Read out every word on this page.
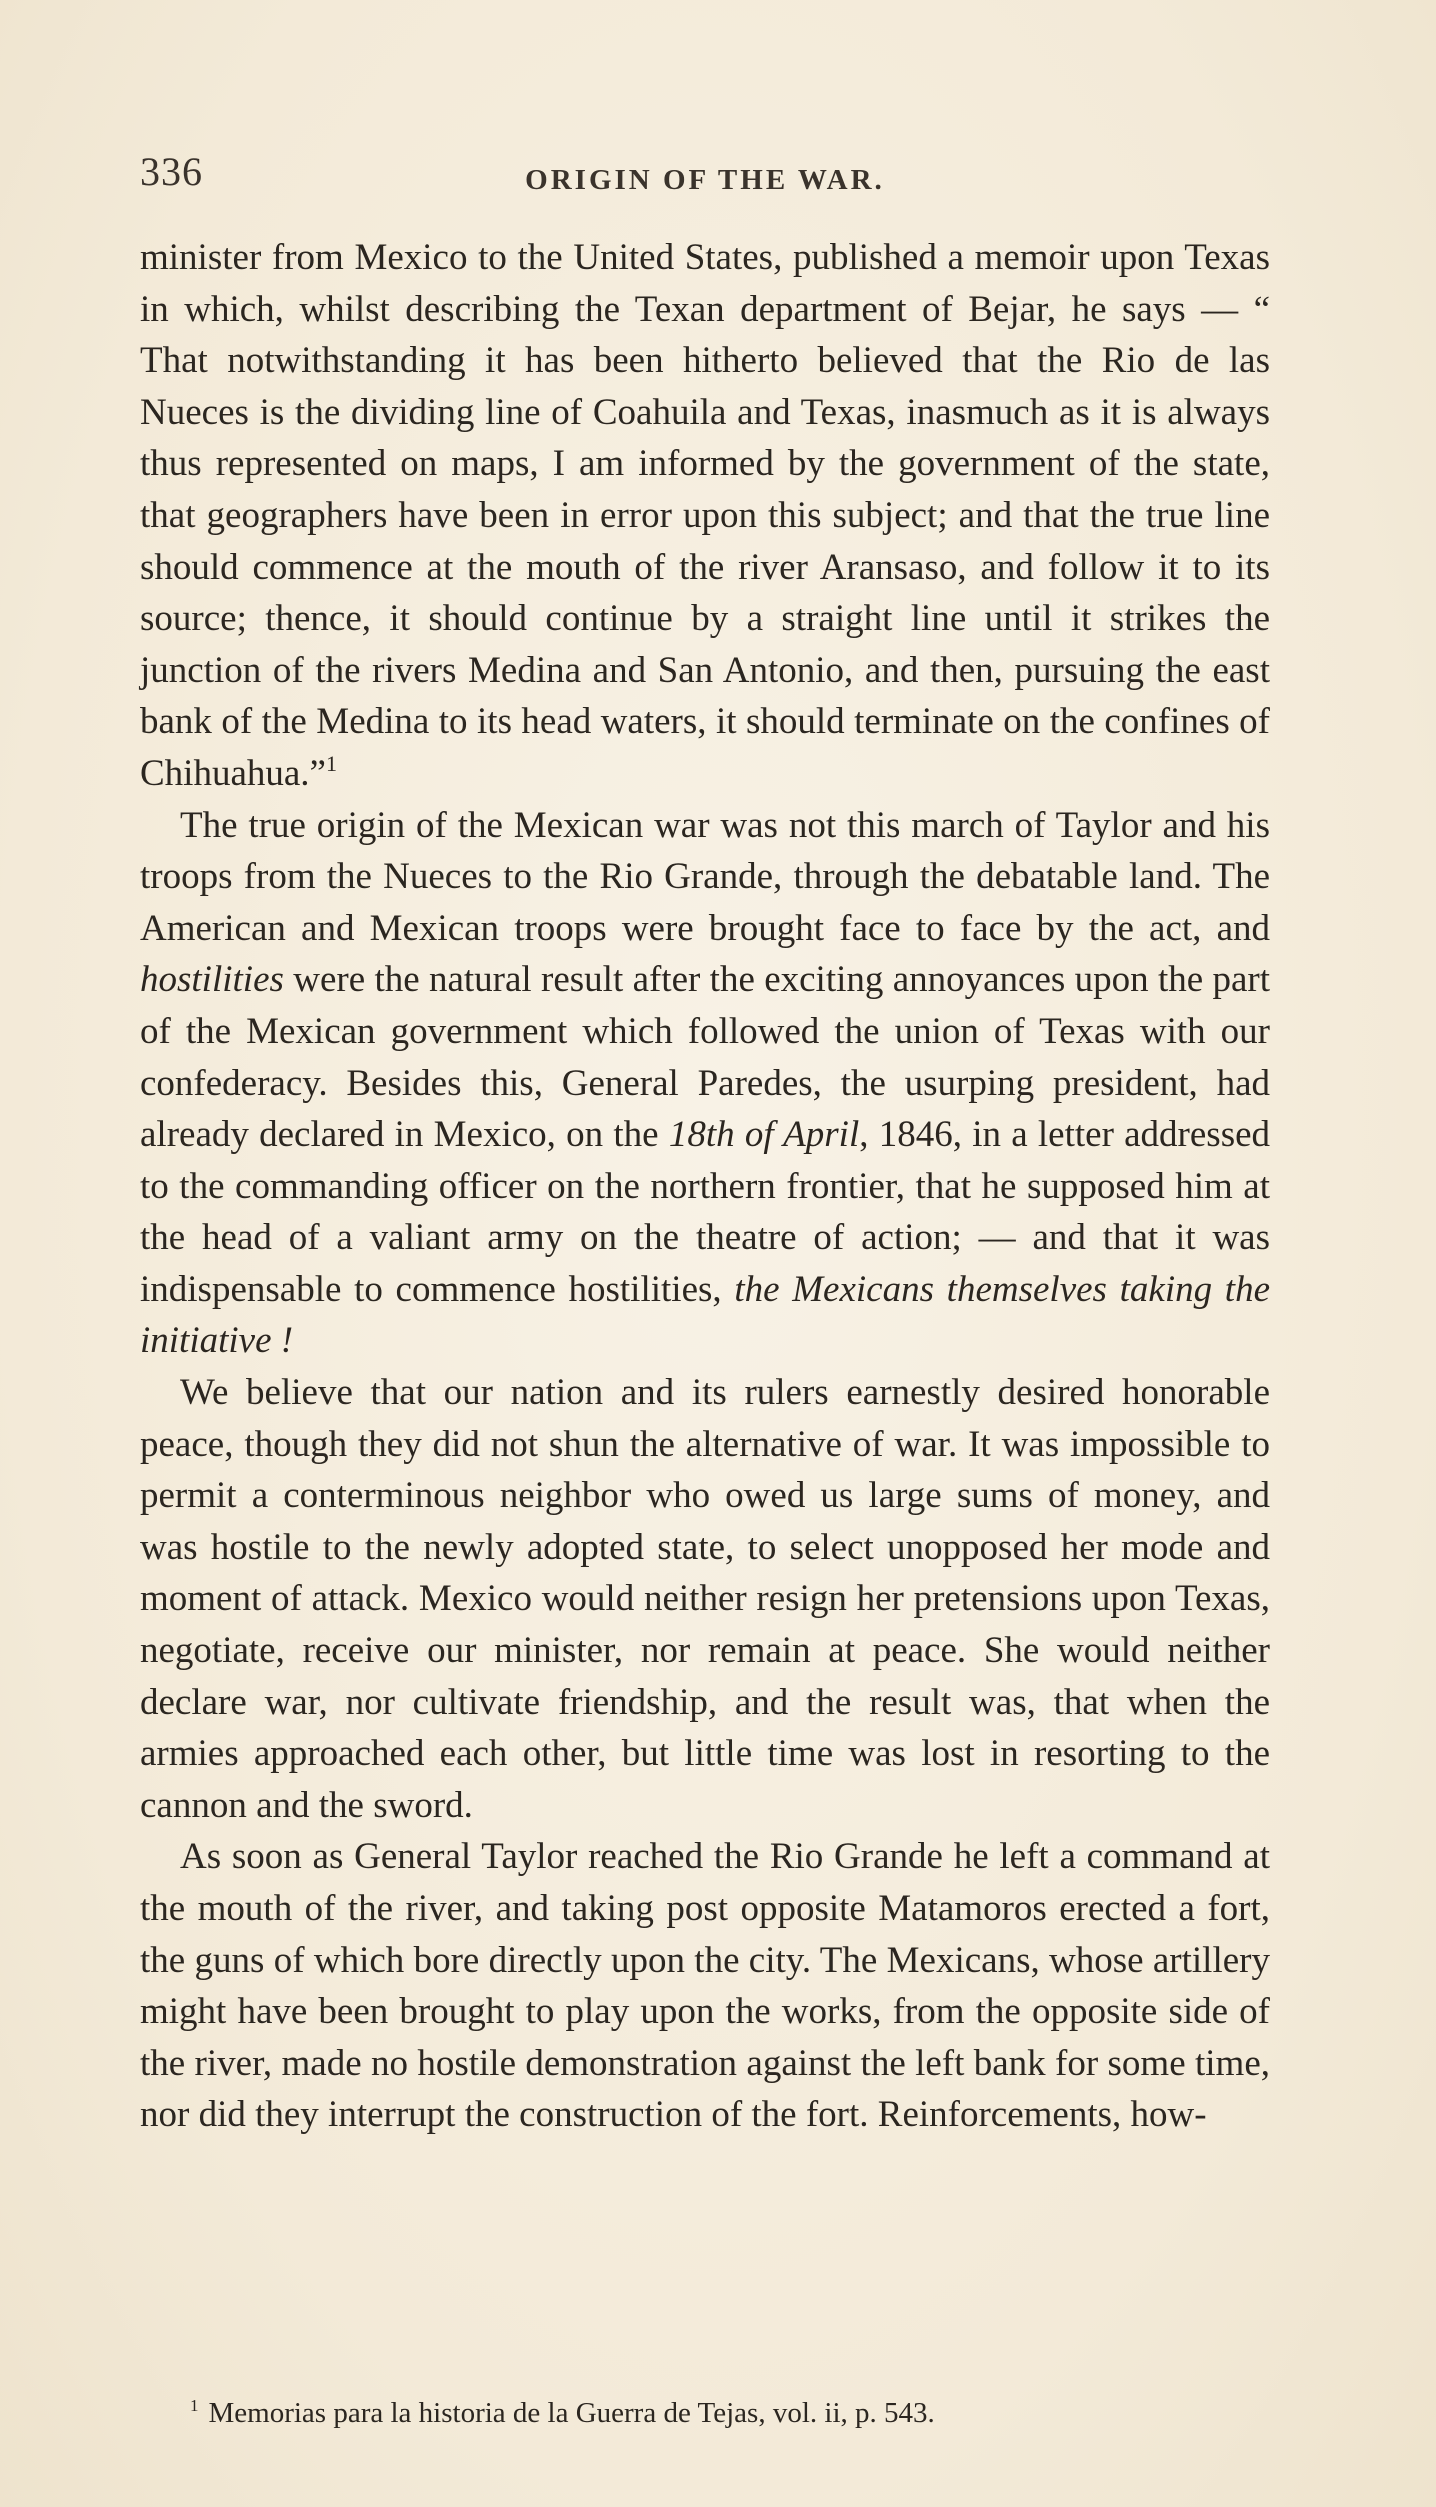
336	ORIGIN OF THE WAR.

minister from Mexico to the United States, published a memoir upon Texas in which, whilst describing the Texan department of Bejar, he says — “ That notwithstanding it has been hitherto believed that the Rio de las Nueces is the dividing line of Coahuila and Texas, inasmuch as it is always thus represented on maps, I am informed by the government of the state, that geographers have been in error upon this subject; and that the true line should commence at the mouth of the river Aransaso, and follow it to its source; thence, it should continue by a straight line until it strikes the junction of the rivers Medina and San Antonio, and then, pursuing the east bank of the Medina to its head waters, it should terminate on the confines of Chihuahua.”$^1$

The true origin of the Mexican war was not this march of Taylor and his troops from the Nueces to the Rio Grande, through the debatable land. The American and Mexican troops were brought face to face by the act, and hostilities were the natural result after the exciting annoyances upon the part of the Mexican government which followed the union of Texas with our confederacy. Besides this, General Paredes, the usurping president, had already declared in Mexico, on the 18th of April, 1846, in a letter addressed to the commanding officer on the northern frontier, that he supposed him at the head of a valiant army on the theatre of action; — and that it was indispensable to commence hostilities, the Mexicans themselves taking the initiative !

We believe that our nation and its rulers earnestly desired honorable peace, though they did not shun the alternative of war. It was impossible to permit a conterminous neighbor who owed us large sums of money, and was hostile to the newly adopted state, to select unopposed her mode and moment of attack. Mexico would neither resign her pretensions upon Texas, negotiate, receive our minister, nor remain at peace. She would neither declare war, nor cultivate friendship, and the result was, that when the armies approached each other, but little time was lost in resorting to the cannon and the sword.

As soon as General Taylor reached the Rio Grande he left a command at the mouth of the river, and taking post opposite Matamoros erected a fort, the guns of which bore directly upon the city. The Mexicans, whose artillery might have been brought to play upon the works, from the opposite side of the river, made no hostile demonstration against the left bank for some time, nor did they interrupt the construction of the fort. Reinforcements, how-

$^1$ Memorias para la historia de la Guerra de Tejas, vol. ii, p. 543.
